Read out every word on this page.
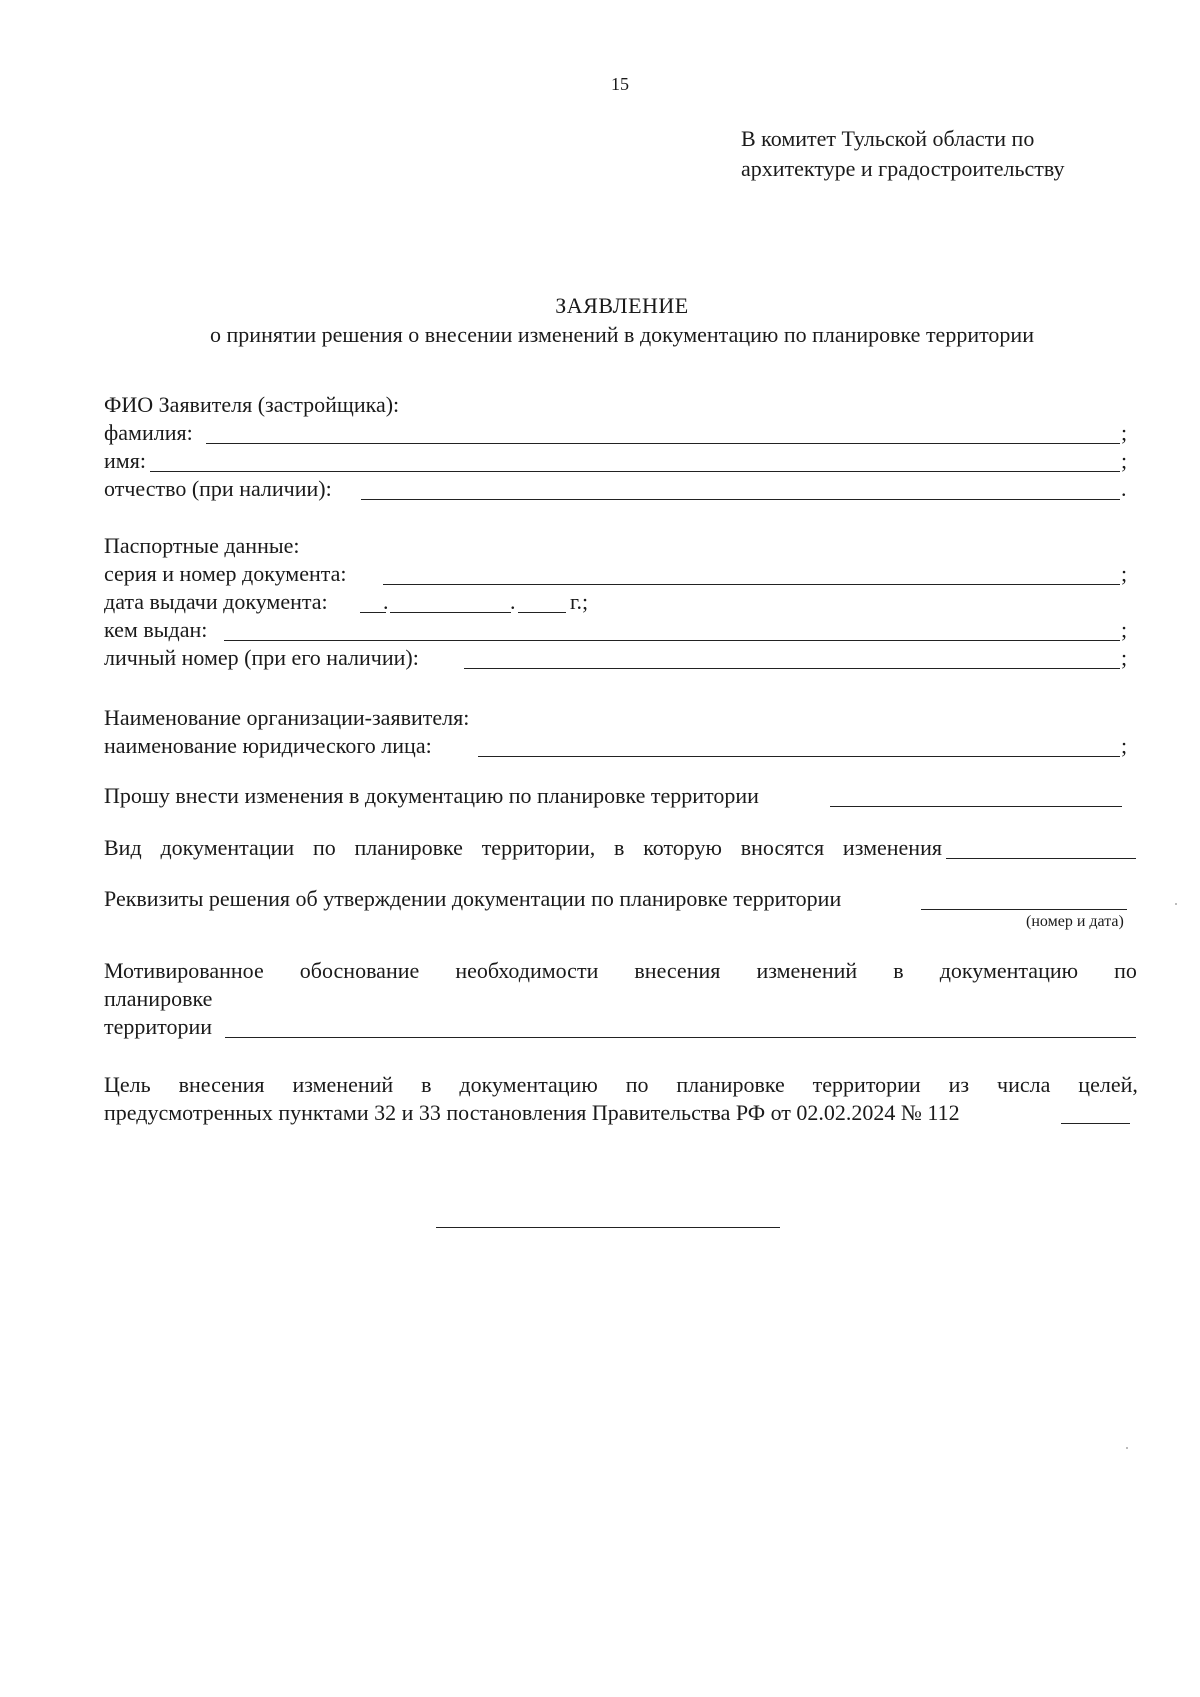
15
В комитет Тульской области по
архитектуре и градостроительству
ЗАЯВЛЕНИЕ
о принятии решения о внесении изменений в документацию по планировке территории
ФИО Заявителя (застройщика):
фамилия:	;
имя:	;
отчество (при наличии):	.
Паспортные данные:
серия и номер документа:	;
дата выдачи документа:	.	. г.;
кем выдан:	;
личный номер (при его наличии):	;
Наименование организации-заявителя:
наименование юридического лица:	;
Прошу внести изменения в документацию по планировке территории
Вид документации по планировке территории, в которую вносятся изменения
Реквизиты решения об утверждении документации по планировке территории
(номер и дата)
Мотивированное обоснование необходимости внесения изменений в документацию по
планировке
территории
Цель внесения изменений в документацию по планировке территории из числа целей,
предусмотренных пунктами 32 и 33 постановления Правительства РФ от 02.02.2024 № 112
